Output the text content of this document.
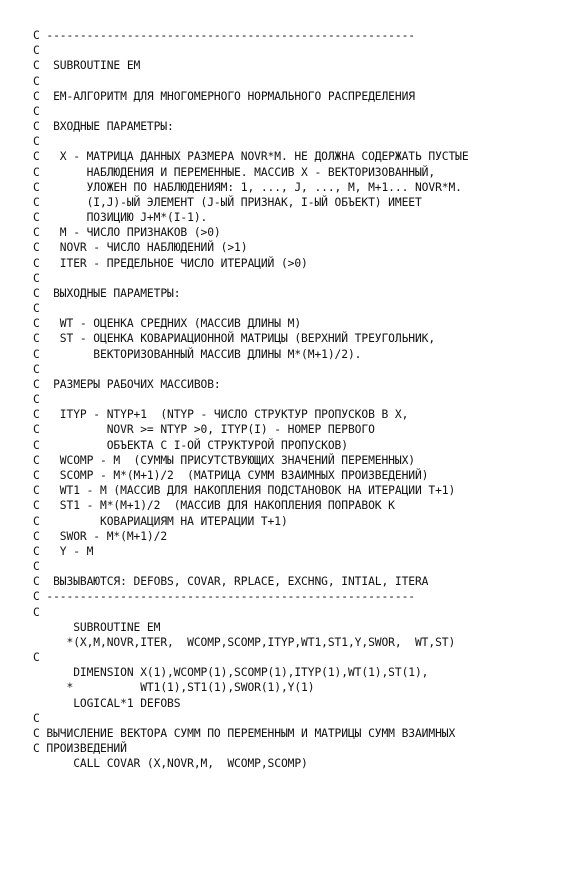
C -------------------------------------------------------
C
C  SUBROUTINE EM
C
C  EM-АЛГОРИТМ ДЛЯ МНОГОМЕРНОГО НОРМАЛЬНОГО РАСПРЕДЕЛЕНИЯ
C
C  ВХОДНЫЕ ПАРАМЕТРЫ:
C
C   X - МАТРИЦА ДАННЫХ РАЗМЕРА NOVR*M. НЕ ДОЛЖНА СОДЕРЖАТЬ ПУСТЫЕ
C       НАБЛЮДЕНИЯ И ПЕРЕМЕННЫЕ. МАССИВ X - ВЕКТОРИЗОВАННЫЙ,
C       УЛОЖЕН ПО НАБЛЮДЕНИЯМ: 1, ..., J, ..., M, M+1... NOVR*M.
C       (I,J)-ЫЙ ЭЛЕМЕНТ (J-ЫЙ ПРИЗНАК, I-ЫЙ ОБЪЕКТ) ИМЕЕТ
C       ПОЗИЦИЮ J+M*(I-1).
C   M - ЧИСЛО ПРИЗНАКОВ (>0)
C   NOVR - ЧИСЛО НАБЛЮДЕНИЙ (>1)
C   ITER - ПРЕДЕЛЬНОЕ ЧИСЛО ИТЕРАЦИЙ (>0)
C
C  ВЫХОДНЫЕ ПАРАМЕТРЫ:
C
C   WT - ОЦЕНКА СРЕДНИХ (МАССИВ ДЛИНЫ M)
C   ST - ОЦЕНКА КОВАРИАЦИОННОЙ МАТРИЦЫ (ВЕРХНИЙ ТРЕУГОЛЬНИК,
C        ВЕКТОРИЗОВАННЫЙ МАССИВ ДЛИНЫ M*(M+1)/2).
C
C  РАЗМЕРЫ РАБОЧИХ МАССИВОВ:
C
C   ITYP - NTYP+1  (NTYP - ЧИСЛО СТРУКТУР ПРОПУСКОВ В X,
C          NOVR >= NTYP >0, ITYP(I) - НОМЕР ПЕРВОГО
C          ОБЪЕКТА С I-ОЙ СТРУКТУРОЙ ПРОПУСКОВ)
C   WCOMP - M  (СУММЫ ПРИСУТСТВУЮЩИХ ЗНАЧЕНИЙ ПЕРЕМЕННЫХ)
C   SCOMP - M*(M+1)/2  (МАТРИЦА СУММ ВЗАИМНЫХ ПРОИЗВЕДЕНИЙ)
C   WT1 - M (МАССИВ ДЛЯ НАКОПЛЕНИЯ ПОДСТАНОВОК НА ИТЕРАЦИИ T+1)
C   ST1 - M*(M+1)/2  (МАССИВ ДЛЯ НАКОПЛЕНИЯ ПОПРАВОК К
C         КОВАРИАЦИЯМ НА ИТЕРАЦИИ T+1)
C   SWOR - M*(M+1)/2
C   Y - M
C
C  ВЫЗЫВАЮТСЯ: DEFOBS, COVAR, RPLACE, EXCHNG, INTIAL, ITERA
C -------------------------------------------------------
C
SUBROUTINE EM
*(X,M,NOVR,ITER,  WCOMP,SCOMP,ITYP,WT1,ST1,Y,SWOR,  WT,ST)
C
DIMENSION X(1),WCOMP(1),SCOMP(1),ITYP(1),WT(1),ST(1),
*          WT1(1),ST1(1),SWOR(1),Y(1)
LOGICAL*1 DEFOBS
C
C ВЫЧИСЛЕНИЕ ВЕКТОРА СУММ ПО ПЕРЕМЕННЫМ И МАТРИЦЫ СУММ ВЗАИМНЫХ
C ПРОИЗВЕДЕНИЙ
CALL COVAR (X,NOVR,M,  WCOMP,SCOMP)
